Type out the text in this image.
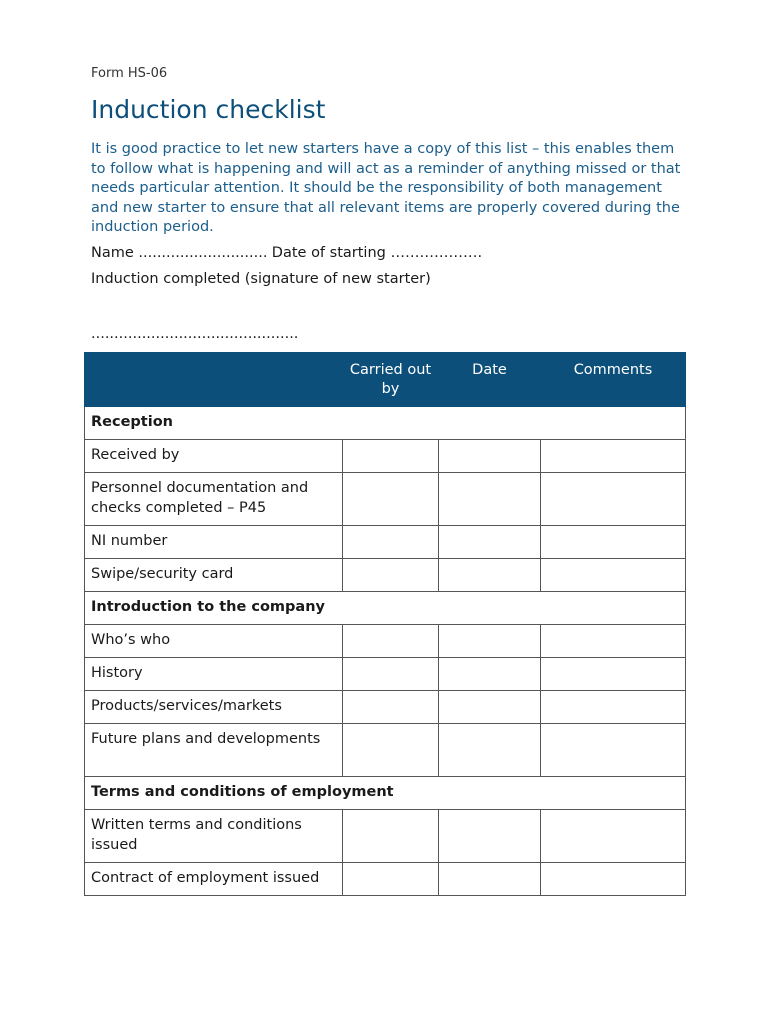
Form HS-06
Induction checklist

It is good practice to let new starters have a copy of this list – this enables them to follow what is happening and will act as a reminder of anything missed or that needs particular attention. It should be the responsibility of both management and new starter to ensure that all relevant items are properly covered during the induction period.

Name ............................ Date of starting ……………….
Induction completed (signature of new starter)
.............................................
	Carried out by	Date	Comments
Reception			
Received by			
Personnel documentation and checks completed – P45			
NI number			
Swipe/security card			
Introduction to the company			
Who’s who			
History			
Products/services/markets			
Future plans and developments			
Terms and conditions of employment			
Written terms and conditions issued			
Contract of employment issued			
